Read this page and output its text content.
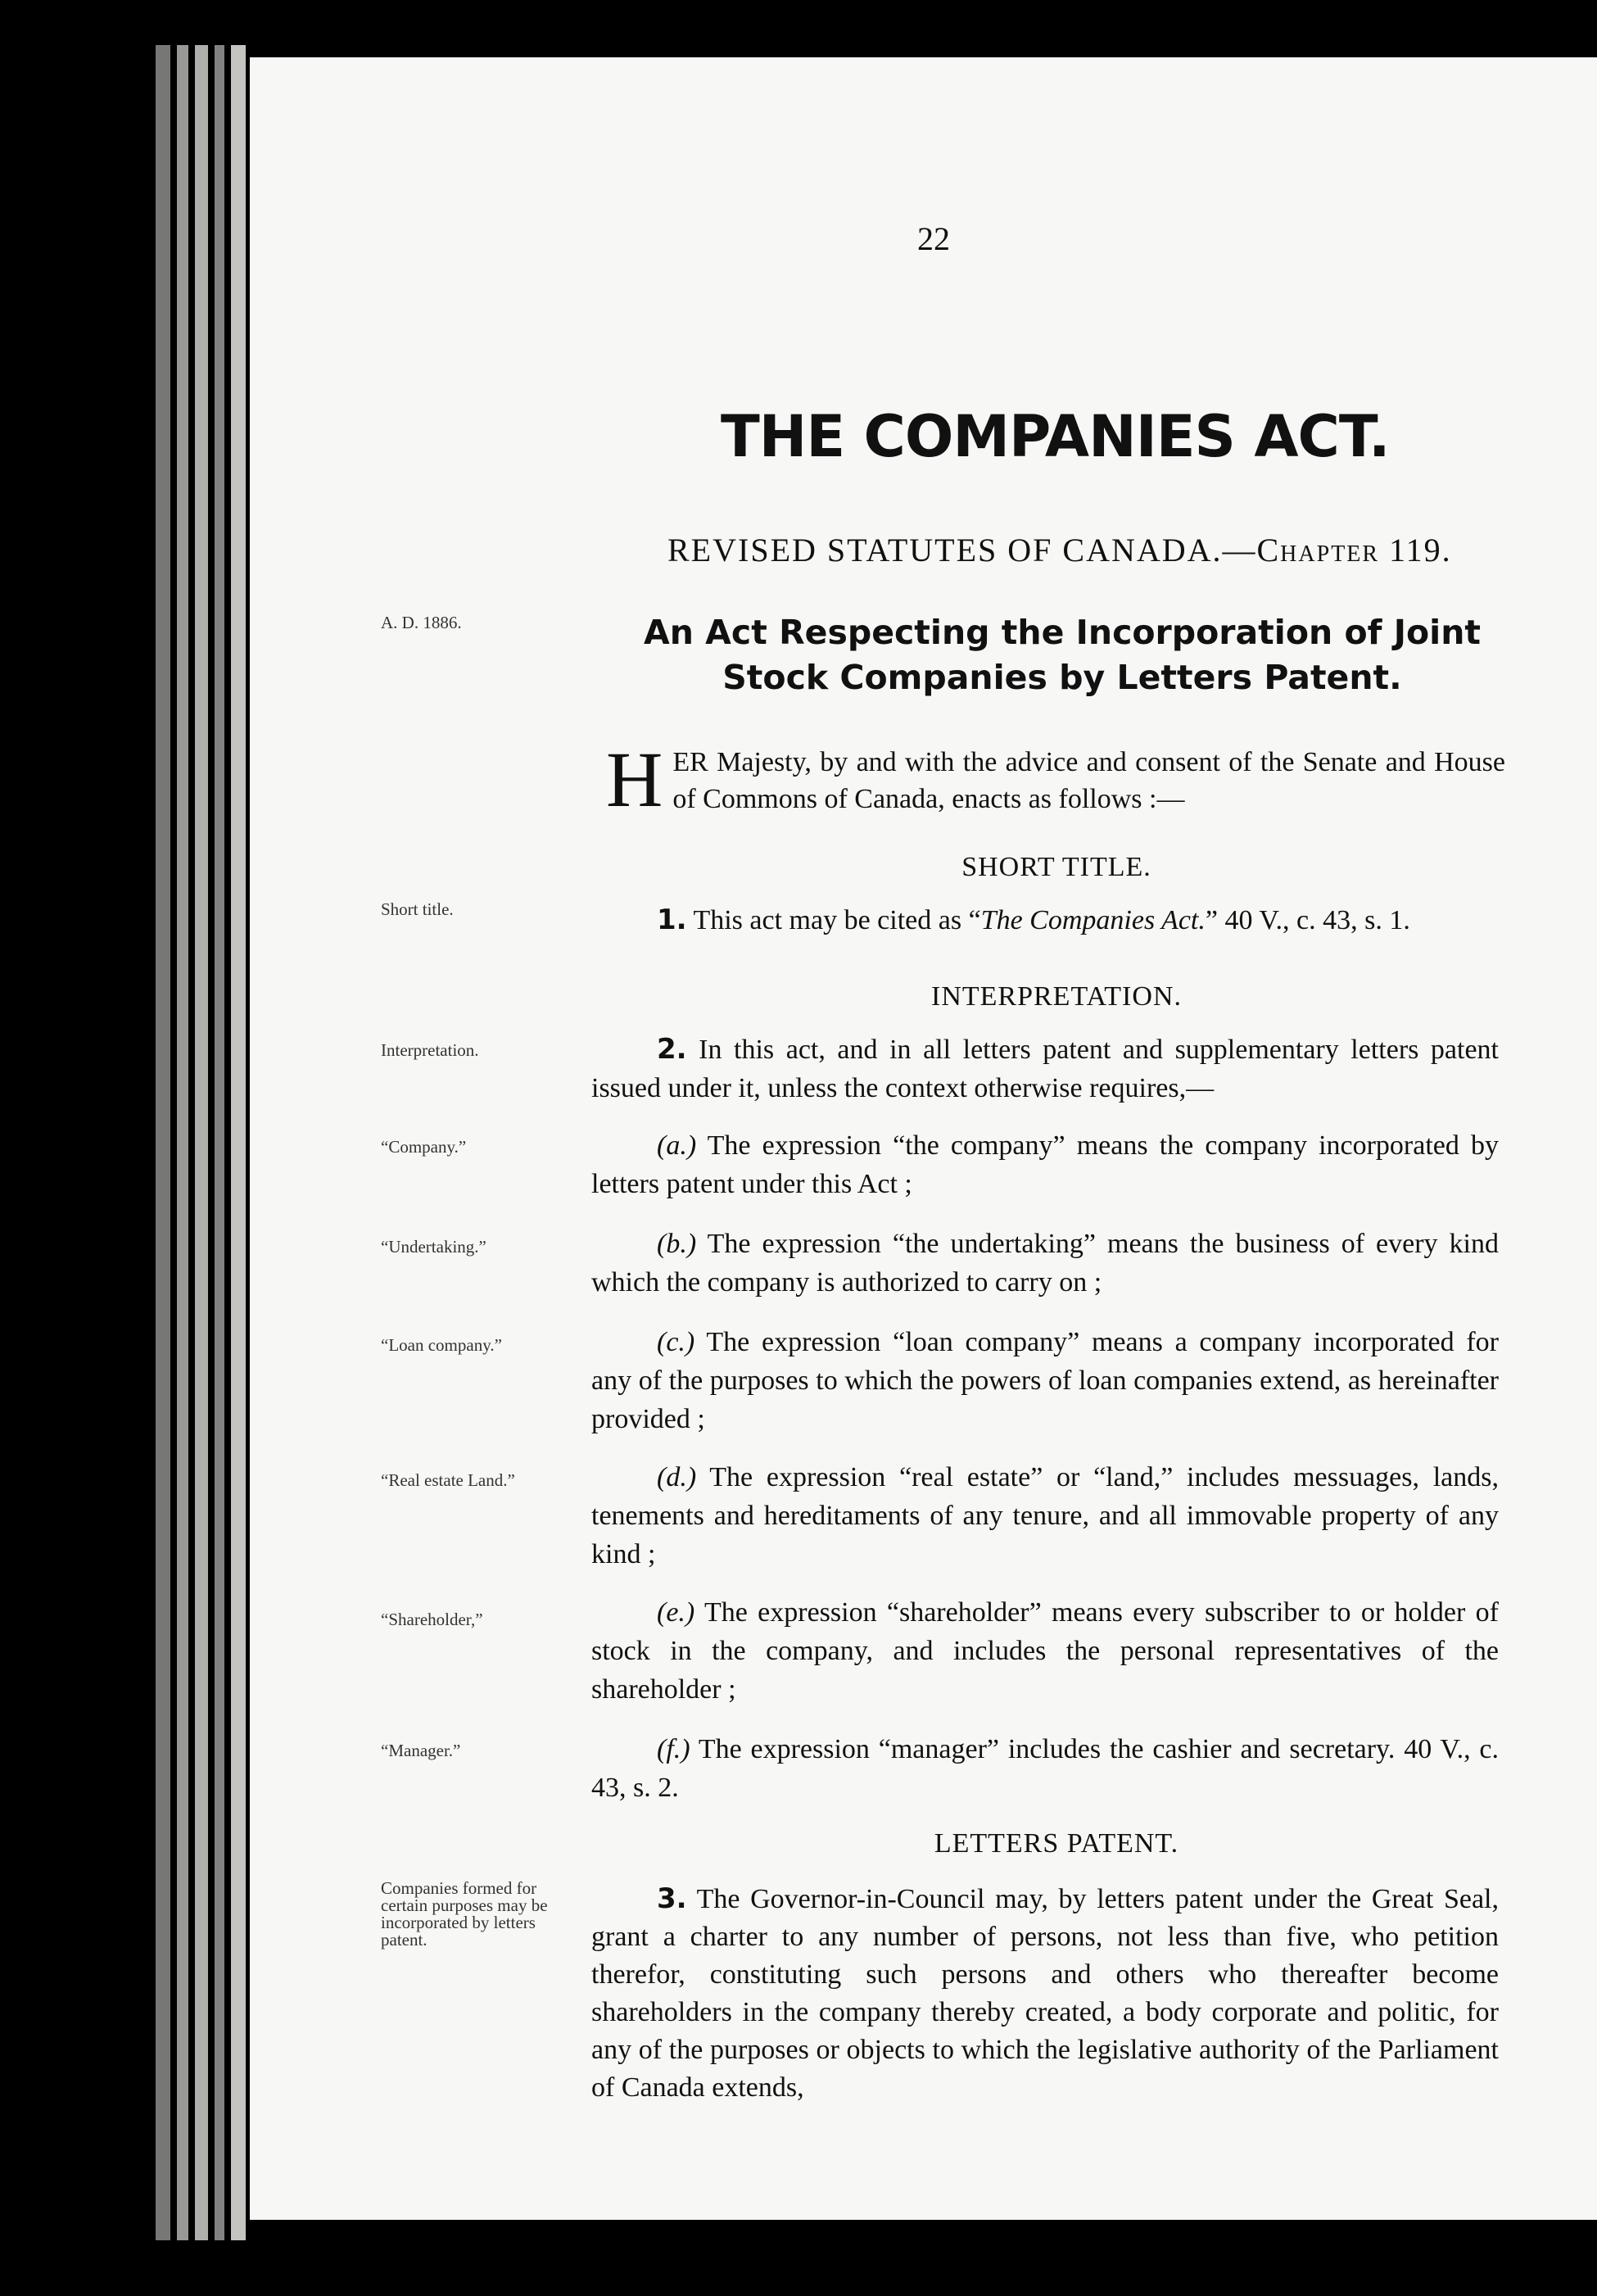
22
THE COMPANIES ACT.
REVISED STATUTES OF CANADA.—Chapter 119.
A. D. 1886.	An Act Respecting the Incorporation of Joint Stock Companies by Letters Patent.
HER Majesty, by and with the advice and consent of the Senate and House of Commons of Canada, enacts as follows :—
SHORT TITLE.
Short title.	1. This act may be cited as “The Companies Act.” 40 V., c. 43, s. 1.
INTERPRETATION.
Interpretation.	2. In this act, and in all letters patent and supplementary letters patent issued under it, unless the context otherwise requires,—
“Company.”	(a.) The expression “the company” means the company incorporated by letters patent under this Act ;
“Undertaking.”	(b.) The expression “the undertaking” means the business of every kind which the company is authorized to carry on ;
“Loan company.”	(c.) The expression “loan company” means a company incorporated for any of the purposes to which the powers of loan companies extend, as hereinafter provided ;
“Real estate Land.”	(d.) The expression “real estate” or “land,” includes messuages, lands, tenements and hereditaments of any tenure, and all immovable property of any kind ;
“Shareholder,”	(e.) The expression “shareholder” means every subscriber to or holder of stock in the company, and includes the personal representatives of the shareholder ;
“Manager.”	(f.) The expression “manager” includes the cashier and secretary. 40 V., c. 43, s. 2.
LETTERS PATENT.
Companies formed for certain purposes may be incorporated by letters patent.
3. The Governor-in-Council may, by letters patent under the Great Seal, grant a charter to any number of persons, not less than five, who petition therefor, constituting such persons and others who thereafter become shareholders in the company thereby created, a body corporate and politic, for any of the purposes or objects to which the legislative authority of the Parliament of Canada extends,
